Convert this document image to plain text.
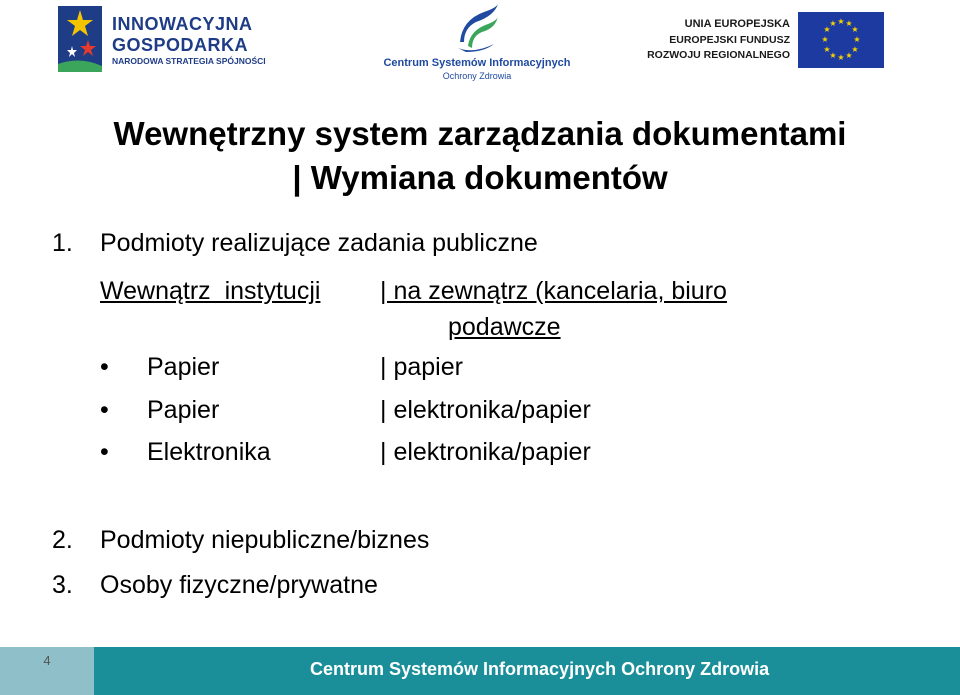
INNOWACYJNA
GOSPODARKA
NARODOWA STRATEGIA SPÓJNOŚCI	Centrum Systemów Informacyjnych
Ochrony Zdrowia
UNIA EUROPEJSKA
EUROPEJSKI FUNDUSZ
ROZWOJU REGIONALNEGO
★ ★
★
★
★
★
★
★
★
★
★
★
Wewnętrzny system zarządzania dokumentami
| Wymiana dokumentów
1. Podmioty realizujące zadania publiczne
Wewnątrz  instytucji | na zewnątrz (kancelaria, biuro
podawcze
• Papier	| papier
• Papier	| elektronika/papier
• Elektronika	| elektronika/papier
2. Podmioty niepubliczne/biznes
3. Osoby fizyczne/prywatne
4	Centrum Systemów Informacyjnych Ochrony Zdrowia
